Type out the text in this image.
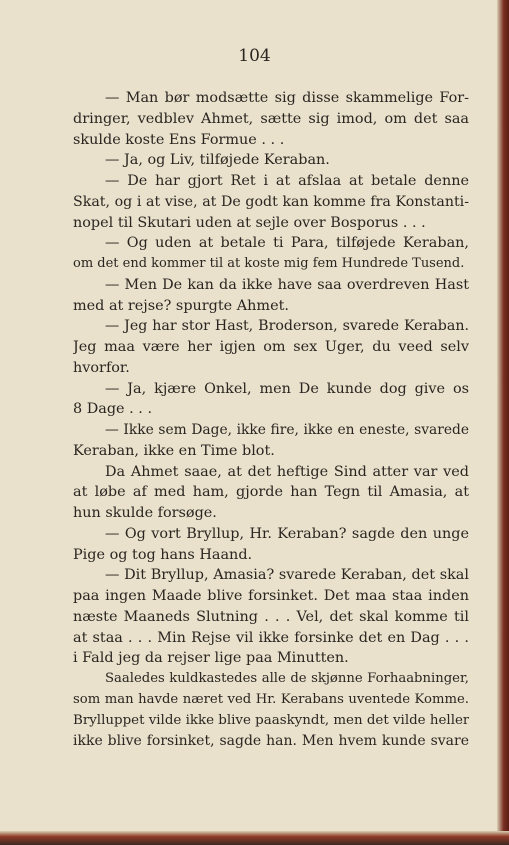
104
— Man bør modsætte sig disse skammelige For-
dringer, vedblev Ahmet, sætte sig imod, om det saa
skulde koste Ens Formue . . .
— Ja, og Liv, tilføjede Keraban.
— De har gjort Ret i at afslaa at betale denne
Skat, og i at vise, at De godt kan komme fra Konstanti-
nopel til Skutari uden at sejle over Bosporus . . .
— Og uden at betale ti Para, tilføjede Keraban,
om det end kommer til at koste mig fem Hundrede Tusend.
— Men De kan da ikke have saa overdreven Hast
med at rejse? spurgte Ahmet.
— Jeg har stor Hast, Broderson, svarede Keraban.
Jeg maa være her igjen om sex Uger, du veed selv
hvorfor.
— Ja, kjære Onkel, men De kunde dog give os
8 Dage . . .
— Ikke sem Dage, ikke fire, ikke en eneste, svarede
Keraban, ikke en Time blot.
Da Ahmet saae, at det heftige Sind atter var ved
at løbe af med ham, gjorde han Tegn til Amasia, at
hun skulde forsøge.
— Og vort Bryllup, Hr. Keraban? sagde den unge
Pige og tog hans Haand.
— Dit Bryllup, Amasia? svarede Keraban, det skal
paa ingen Maade blive forsinket. Det maa staa inden
næste Maaneds Slutning . . . Vel, det skal komme til
at staa . . . Min Rejse vil ikke forsinke det en Dag . . .
i Fald jeg da rejser lige paa Minutten.
Saaledes kuldkastedes alle de skjønne Forhaabninger,
som man havde næret ved Hr. Kerabans uventede Komme.
Brylluppet vilde ikke blive paaskyndt, men det vilde heller
ikke blive forsinket, sagde han. Men hvem kunde svare
